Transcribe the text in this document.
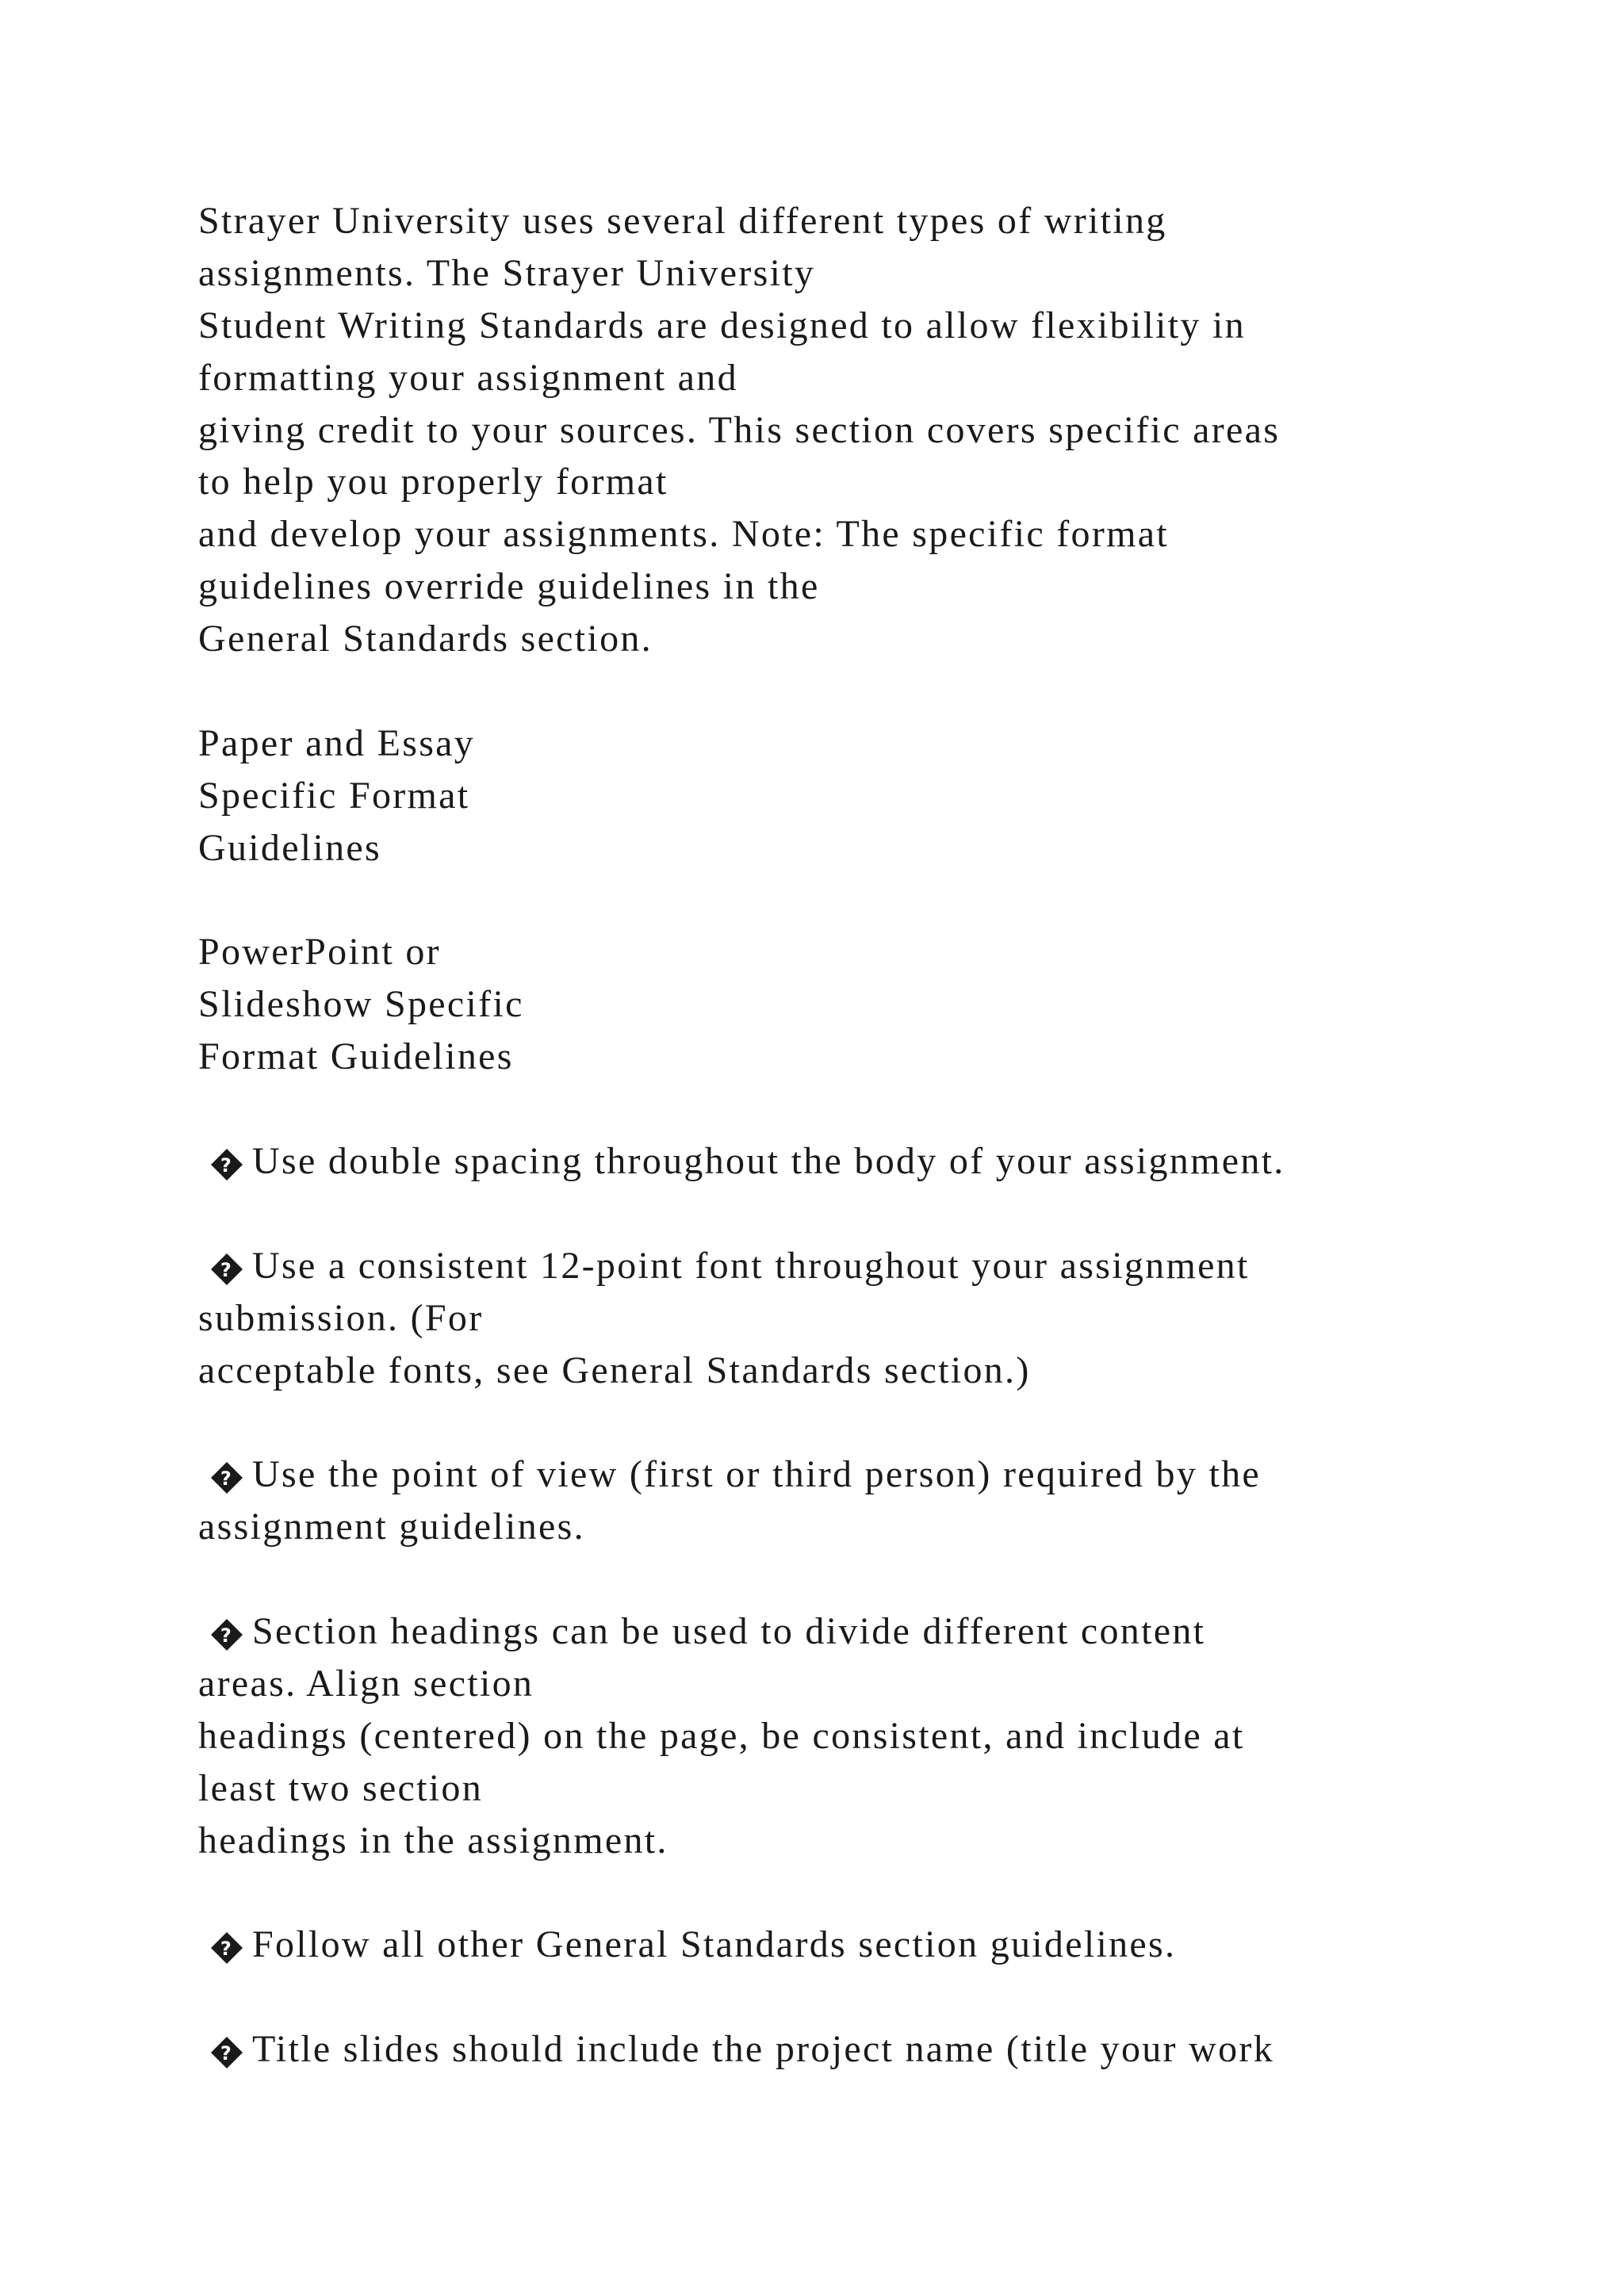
Strayer University uses several different types of writing
assignments. The Strayer University
Student Writing Standards are designed to allow flexibility in
formatting your assignment and
giving credit to your sources. This section covers specific areas
to help you properly format
and develop your assignments. Note: The specific format
guidelines override guidelines in the
General Standards section.
Paper and Essay
Specific Format
Guidelines
PowerPoint or
Slideshow Specific
Format Guidelines
? Use double spacing throughout the body of your assignment.
? Use a consistent 12-point font throughout your assignment
submission. (For
acceptable fonts, see General Standards section.)
? Use the point of view (first or third person) required by the
assignment guidelines.
? Section headings can be used to divide different content
areas. Align section
headings (centered) on the page, be consistent, and include at
least two section
headings in the assignment.
? Follow all other General Standards section guidelines.
? Title slides should include the project name (title your work
